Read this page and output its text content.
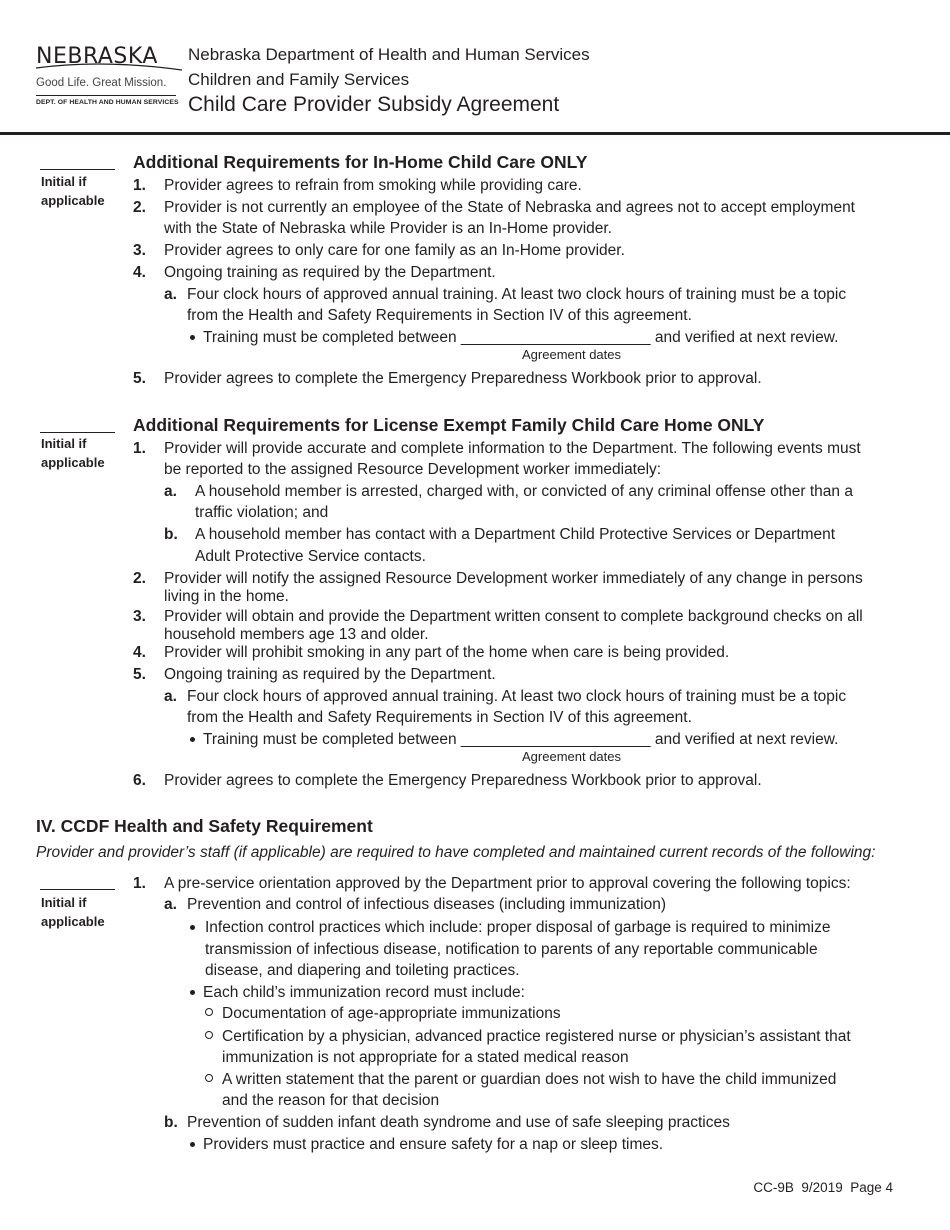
NEBRASKA
Good Life. Great Mission.
DEPT. OF HEALTH AND HUMAN SERVICES
Nebraska Department of Health and Human Services
Children and Family Services
Child Care Provider Subsidy Agreement
Initial if
applicable
Additional Requirements for In-Home Child Care ONLY
1. Provider agrees to refrain from smoking while providing care.
2. Provider is not currently an employee of the State of Nebraska and agrees not to accept employment
with the State of Nebraska while Provider is an In-Home provider.
3. Provider agrees to only care for one family as an In-Home provider.
4. Ongoing training as required by the Department.
a. Four clock hours of approved annual training. At least two clock hours of training must be a topic
from the Health and Safety Requirements in Section IV of this agreement.
Training must be completed between ______________________ and verified at next review.
Agreement dates
5. Provider agrees to complete the Emergency Preparedness Workbook prior to approval.
Initial if
applicable
Additional Requirements for License Exempt Family Child Care Home ONLY
1. Provider will provide accurate and complete information to the Department. The following events must
be reported to the assigned Resource Development worker immediately:
a. A household member is arrested, charged with, or convicted of any criminal offense other than a
traffic violation; and
b. A household member has contact with a Department Child Protective Services or Department
Adult Protective Service contacts.
2. Provider will notify the assigned Resource Development worker immediately of any change in persons
living in the home.
3. Provider will obtain and provide the Department written consent to complete background checks on all
household members age 13 and older.
4. Provider will prohibit smoking in any part of the home when care is being provided.
5. Ongoing training as required by the Department.
a. Four clock hours of approved annual training. At least two clock hours of training must be a topic
from the Health and Safety Requirements in Section IV of this agreement.
Training must be completed between ______________________ and verified at next review.
Agreement dates
6. Provider agrees to complete the Emergency Preparedness Workbook prior to approval.
IV. CCDF Health and Safety Requirement
Provider and provider’s staff (if applicable) are required to have completed and maintained current records of the following:
Initial if
applicable
1. A pre-service orientation approved by the Department prior to approval covering the following topics:
a. Prevention and control of infectious diseases (including immunization)
Infection control practices which include: proper disposal of garbage is required to minimize
transmission of infectious disease, notification to parents of any reportable communicable
disease, and diapering and toileting practices.
Each child’s immunization record must include:
Documentation of age-appropriate immunizations
Certification by a physician, advanced practice registered nurse or physician’s assistant that
immunization is not appropriate for a stated medical reason
A written statement that the parent or guardian does not wish to have the child immunized
and the reason for that decision
b. Prevention of sudden infant death syndrome and use of safe sleeping practices
Providers must practice and ensure safety for a nap or sleep times.
CC-9B  9/2019  Page 4
